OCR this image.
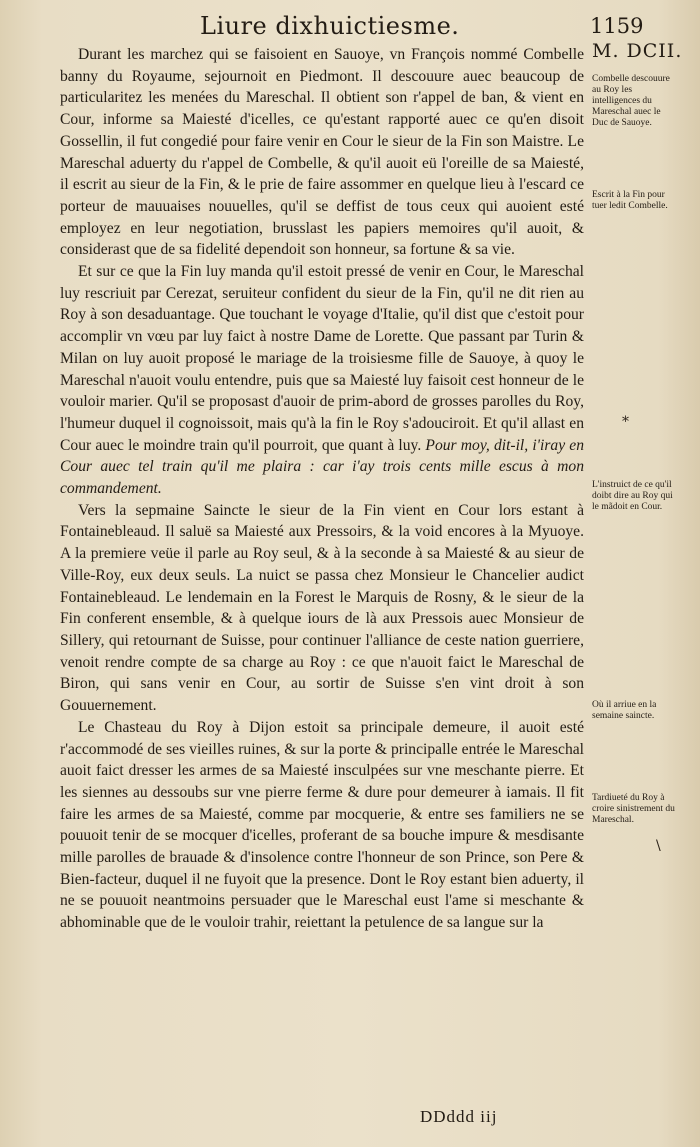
Liure dixhuictiesme.	1159
M. DCII.

Durant les marchez qui se faisoient en Sauoye, vn François nommé Combelle banny du Royaume, sejournoit en Piedmont. Il descouure auec beaucoup de particularitez les menées du Mareschal. Il obtient son r'appel de ban, & vient en Cour, informe sa Maiesté d'icelles, ce qu'estant rapporté auec ce qu'en disoit Gossellin, il fut congedié pour faire venir en Cour le sieur de la Fin son Maistre. Le Mareschal aduerty du r'appel de Combelle, & qu'il auoit eü l'oreille de sa Maiesté, il escrit au sieur de la Fin, & le prie de faire assommer en quelque lieu à l'escard ce porteur de mauuaises nouuelles, qu'il se deffist de tous ceux qui auoient esté employez en leur negotiation, brusslast les papiers memoires qu'il auoit, & considerast que de sa fidelité dependoit son honneur, sa fortune & sa vie.

Et sur ce que la Fin luy manda qu'il estoit pressé de venir en Cour, le Mareschal luy rescriuit par Cerezat, seruiteur confident du sieur de la Fin, qu'il ne dit rien au Roy à son desaduantage. Que touchant le voyage d'Italie, qu'il dist que c'estoit pour accomplir vn vœu par luy faict à nostre Dame de Lorette. Que passant par Turin & Milan on luy auoit proposé le mariage de la troisiesme fille de Sauoye, à quoy le Mareschal n'auoit voulu entendre, puis que sa Maiesté luy faisoit cest honneur de le vouloir marier. Qu'il se proposast d'auoir de prim-abord de grosses parolles du Roy, l'humeur duquel il cognoissoit, mais qu'à la fin le Roy s'adouciroit. Et qu'il allast en Cour auec le moindre train qu'il pourroit, que quant à luy. Pour moy, dit-il, i'iray en Cour auec tel train qu'il me plaira : car i'ay trois cents mille escus à mon commandement.

Vers la sepmaine Saincte le sieur de la Fin vient en Cour lors estant à Fontainebleaud. Il saluë sa Maiesté aux Pressoirs, & la void encores à la Myuoye. A la premiere veüe il parle au Roy seul, & à la seconde à sa Maiesté & au sieur de Ville-Roy, eux deux seuls. La nuict se passa chez Monsieur le Chancelier audict Fontainebleaud. Le lendemain en la Forest le Marquis de Rosny, & le sieur de la Fin conferent ensemble, & à quelque iours de là aux Pressois auec Monsieur de Sillery, qui retournant de Suisse, pour continuer l'alliance de ceste nation guerriere, venoit rendre compte de sa charge au Roy : ce que n'auoit faict le Mareschal de Biron, qui sans venir en Cour, au sortir de Suisse s'en vint droit à son Gouuernement.

Le Chasteau du Roy à Dijon estoit sa principale demeure, il auoit esté r'accommodé de ses vieilles ruines, & sur la porte & principalle entrée le Mareschal auoit faict dresser les armes de sa Maiesté insculpées sur vne meschante pierre. Et les siennes au dessoubs sur vne pierre ferme & dure pour demeurer à iamais. Il fit faire les armes de sa Maiesté, comme par mocquerie, & entre ses familiers ne se pouuoit tenir de se mocquer d'icelles, proferant de sa bouche impure & mesdisante mille parolles de brauade & d'insolence contre l'honneur de son Prince, son Pere & Bien-facteur, duquel il ne fuyoit que la presence. Dont le Roy estant bien aduerty, il ne se pouuoit neantmoins persuader que le Mareschal eust l'ame si meschante & abhominable que de le vouloir trahir, reiettant la petulence de sa langue sur la

Combelle descouure au Roy les intelligences du Mareschal auec le Duc de Sauoye.
Escrit à la Fin pour tuer ledit Combelle.
L'instruict de ce qu'il doibt dire au Roy qui le mãdoit en Cour.
Où il arriue en la semaine saincte.
Tardiueté du Roy à croire sinistrement du Mareschal.
*
\
DDddd iij
